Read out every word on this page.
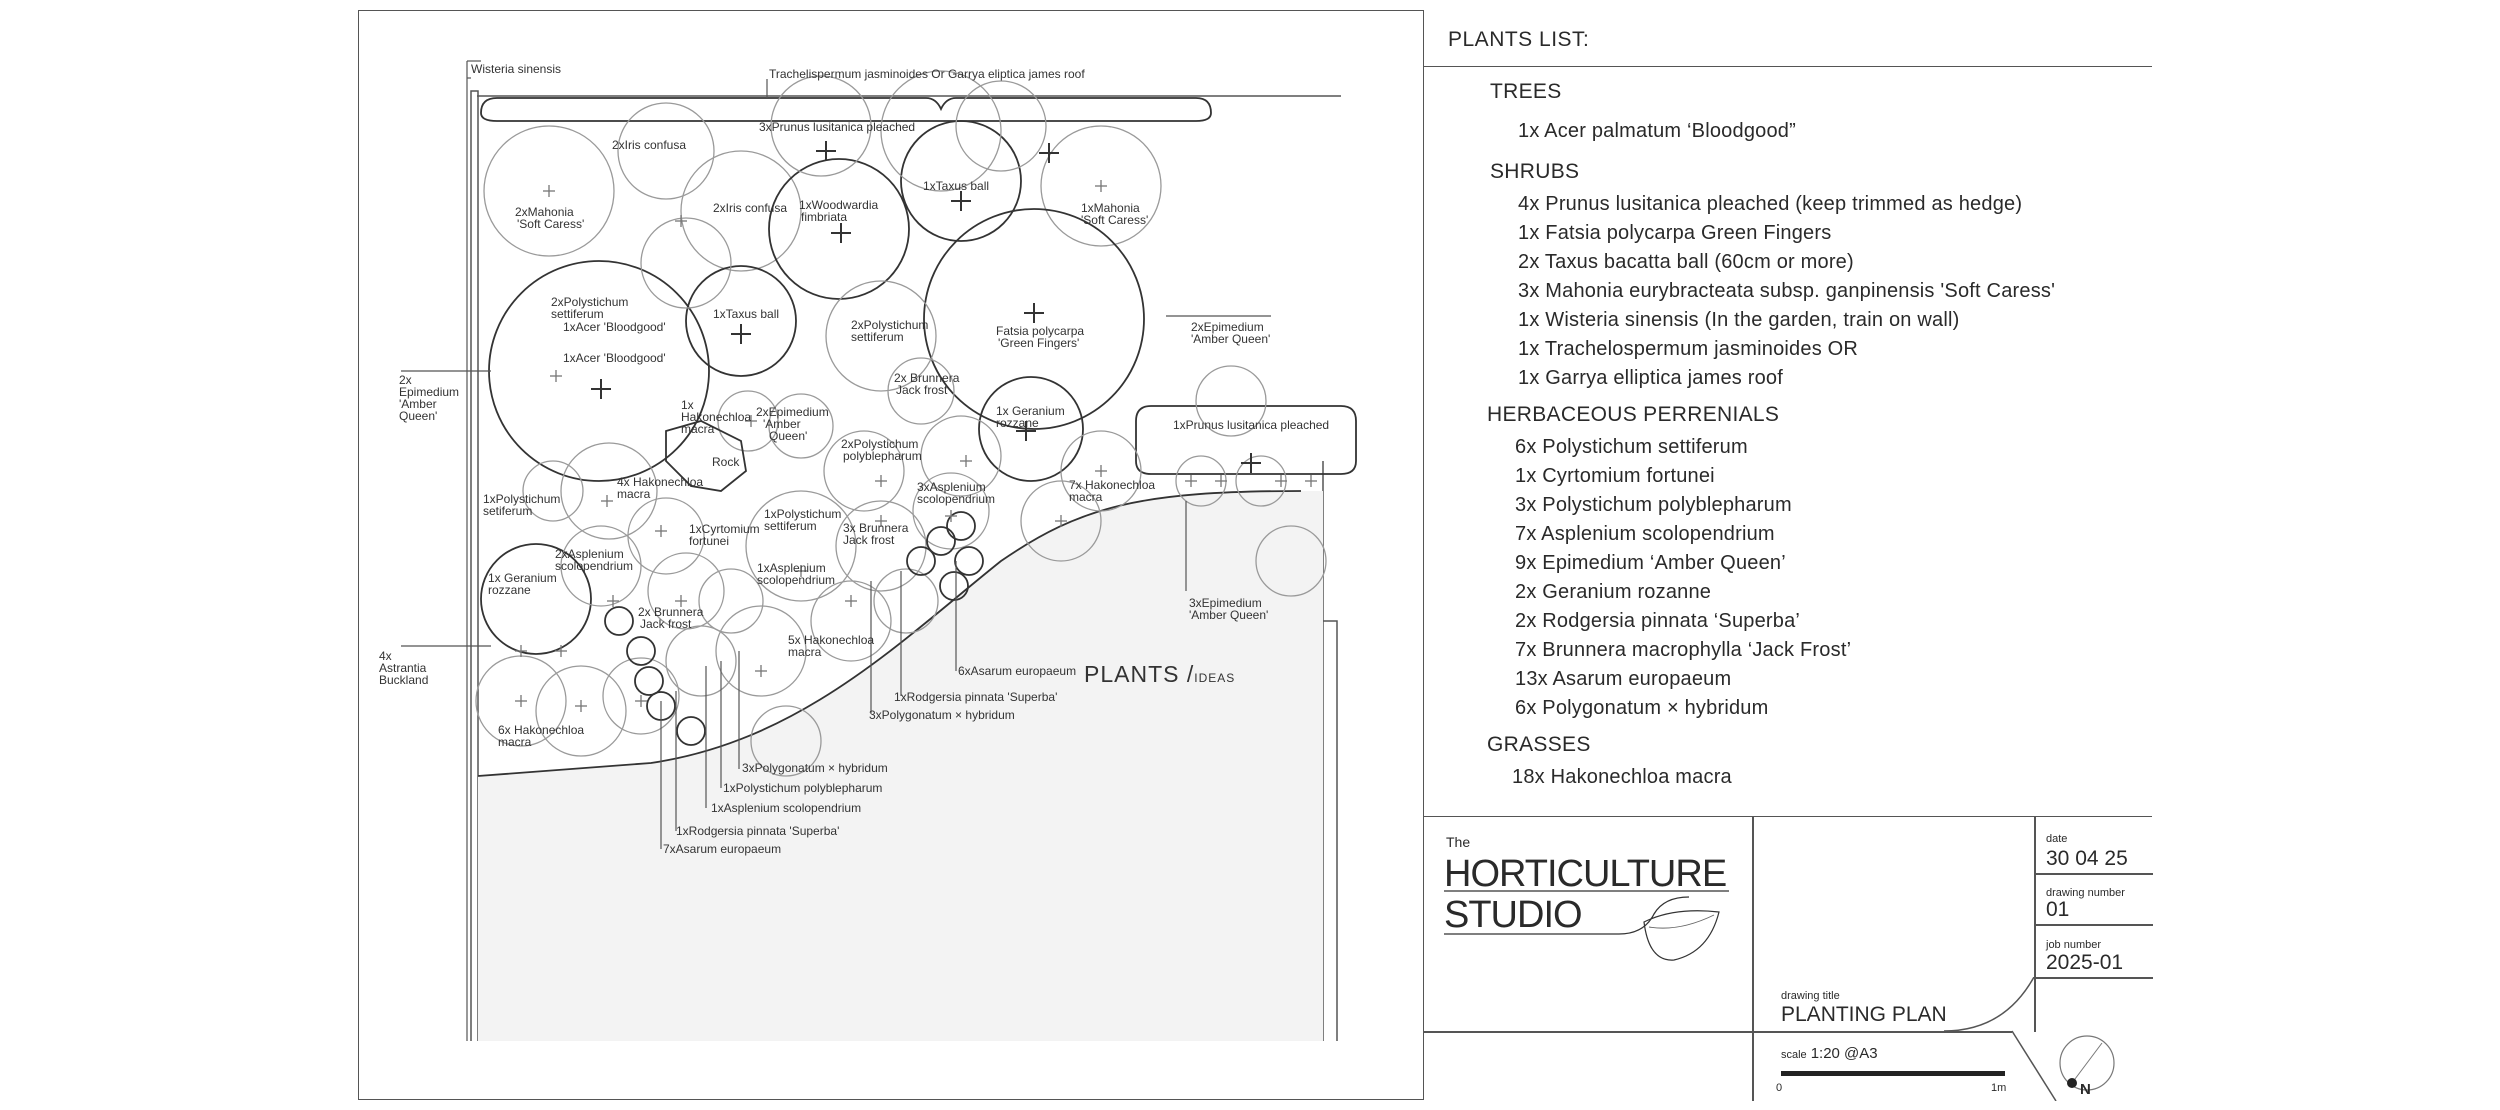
Wisteria sinensis	Trachelispermum jasminoides Or Garrya eliptica james roof
3xPrunus lusitanica pleached
2xIris confusa
2xIris confusa 1xWoodwardia
fimbriata
1xTaxus ball
2xMahonia
'Soft Caress'
1xMahonia
'Soft Caress'
2xEpimedium
'Amber Queen'
2xPolystichum
settiferum
1xAcer 'Bloodgood'
1xAcer 'Bloodgood'
1xTaxus ball
2xPolystichum
settiferum	Fatsia polycarpa
'Green Fingers'
2x
Epimedium
'Amber
Queen'
1x
Hakonechloa
macra
2xEpimedium
'Amber
Queen'
2x Brunnera
Jack frost
1x Geranium
rozzane	1xPrunus lusitanica pleached
2xPolystichum
polyblepharum
Rock
4x Hakonechloa
macra	3xAsplenium
scolopendrium
7x Hakonechloa
macra
1xPolystichum
setiferum
1xCyrtomium
fortunei
1xPolystichum
settiferum 3x Brunnera
Jack frost
2xAsplenium
scolopendrium	1xAsplenium
scolopendrium
1x Geranium
rozzane
2x Brunnera
Jack frost
3xEpimedium
'Amber Queen'
4x
Astrantia
Buckland
5x Hakonechloa
macra
6xAsarum europaeum
1xRodgersia pinnata 'Superba'
3xPolygonatum × hybridum
6x Hakonechloa
macra
3xPolygonatum × hybridum
1xPolystichum polyblepharum
1xAsplenium scolopendrium
1xRodgersia pinnata 'Superba'
7xAsarum europaeum
PLANTS /IDEAS
PLANTS LIST:
TREES
1x Acer palmatum ‘Bloodgood”
SHRUBS
4x Prunus lusitanica pleached (keep trimmed as hedge)
1x Fatsia polycarpa Green Fingers
2x Taxus bacatta ball (60cm or more)
3x Mahonia eurybracteata subsp. ganpinensis 'Soft Caress'
1x Wisteria sinensis (In the garden, train on wall)
1x Trachelospermum jasminoides OR
1x Garrya elliptica james roof
HERBACEOUS PERRENIALS
6x Polystichum settiferum
1x Cyrtomium fortunei
3x Polystichum polyblepharum
7x Asplenium scolopendrium
9x Epimedium ‘Amber Queen’
2x Geranium rozanne
2x Rodgersia pinnata ‘Superba’
7x Brunnera macrophylla ‘Jack Frost’
13x Asarum europaeum
6x Polygonatum × hybridum
GRASSES
18x Hakonechloa macra
The
HORTICULTURE
STUDIO
date
30 04 25
drawing number
01
job number
2025-01
N
drawing title
PLANTING PLAN
scale 1:20 @A3
0	1m
